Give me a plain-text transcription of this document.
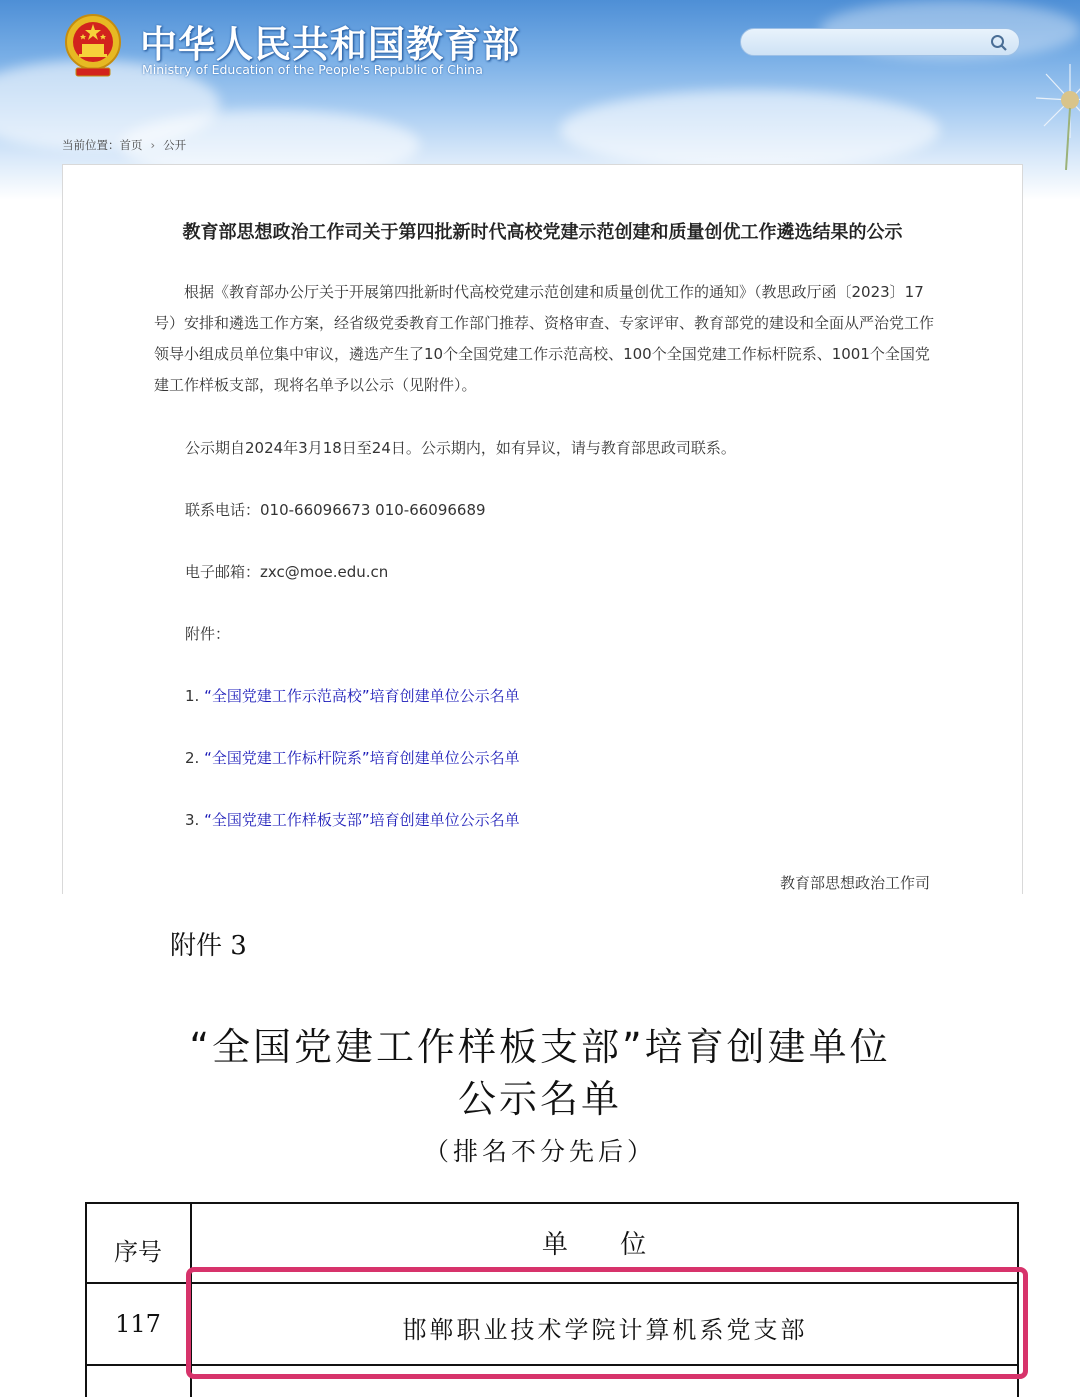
中华人民共和国教育部
Ministry of Education of the People's Republic of China
当前位置：首页 › 公开
教育部思想政治工作司关于第四批新时代高校党建示范创建和质量创优工作遴选结果的公示
根据《教育部办公厅关于开展第四批新时代高校党建示范创建和质量创优工作的通知》（教思政厅函〔2023〕17号）安排和遴选工作方案，经省级党委教育工作部门推荐、资格审查、专家评审、教育部党的建设和全面从严治党工作领导小组成员单位集中审议，遴选产生了10个全国党建工作示范高校、100个全国党建工作标杆院系、1001个全国党建工作样板支部，现将名单予以公示（见附件）。
公示期自2024年3月18日至24日。公示期内，如有异议，请与教育部思政司联系。
联系电话：010-66096673 010-66096689
电子邮箱：zxc@moe.edu.cn
附件：
1. “全国党建工作示范高校”培育创建单位公示名单
2. “全国党建工作标杆院系”培育创建单位公示名单
3. “全国党建工作样板支部”培育创建单位公示名单
教育部思想政治工作司
附件 3
“全国党建工作样板支部”培育创建单位
公示名单
（排名不分先后）
序号	单 位
117	邯郸职业技术学院计算机系党支部
